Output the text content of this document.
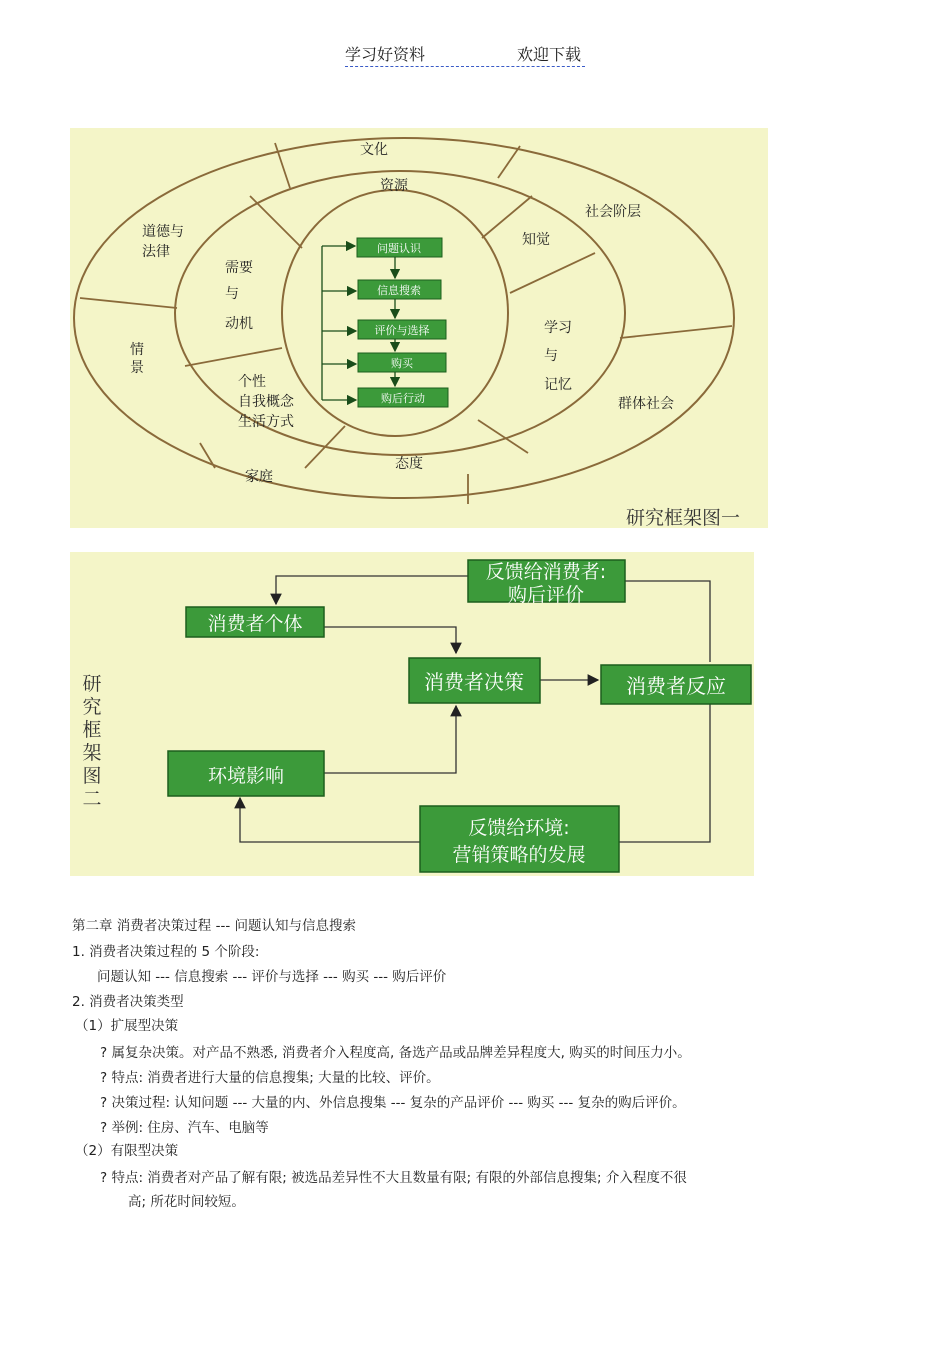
学习好资料	欢迎下载
文化
社会阶层
道德与
法律
情
景
家庭
群体社会
资源
知觉
需要
与
动机	学习
与
记忆
个性
自我概念
生活方式
态度
问题认识
信息搜索
评价与选择
购买
购后行动
研究框架图一
反馈给消费者:
购后评价
消费者个体
消费者决策	消费者反应
环境影响
反馈给环境:
营销策略的发展
研
究
框
架
图
二
第二章 消费者决策过程 --- 问题认知与信息搜索
1. 消费者决策过程的 5 个阶段:
问题认知 --- 信息搜索 --- 评价与选择 --- 购买 --- 购后评价
2. 消费者决策类型
（1）扩展型决策
? 属复杂决策。对产品不熟悉, 消费者介入程度高, 备选产品或品牌差异程度大, 购买的时间压力小。
? 特点: 消费者进行大量的信息搜集; 大量的比较、评价。
? 决策过程: 认知问题 --- 大量的内、外信息搜集 --- 复杂的产品评价 --- 购买 --- 复杂的购后评价。
? 举例: 住房、汽车、电脑等
（2）有限型决策
? 特点: 消费者对产品了解有限; 被选品差异性不大且数量有限; 有限的外部信息搜集; 介入程度不很
高; 所花时间较短。
